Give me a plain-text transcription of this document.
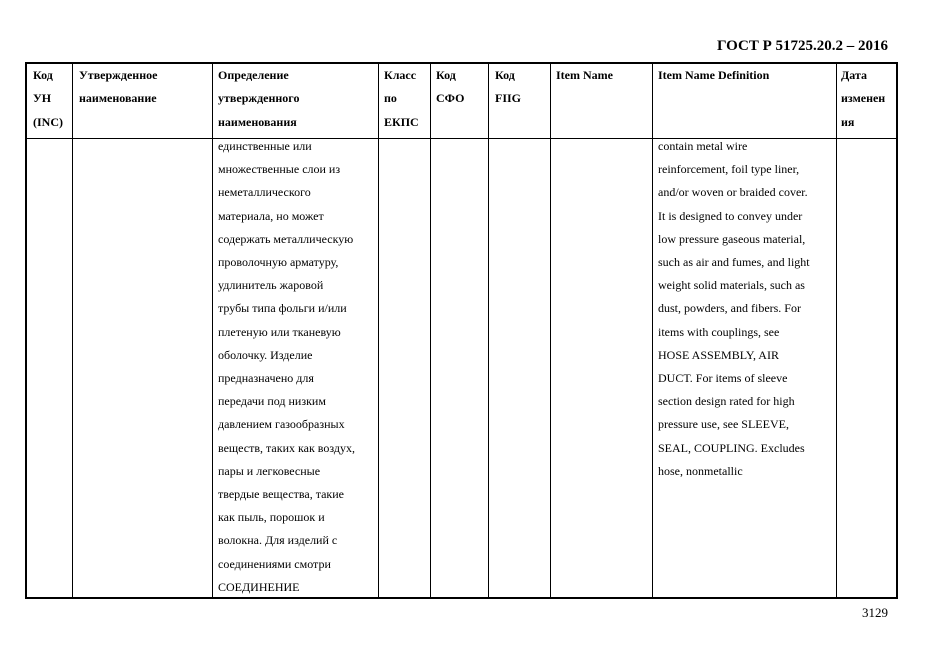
ГОСТ Р 51725.20.2 – 2016
Код
УН
(INC)
Утвержденное
наименование
Определение
утвержденного
наименования
Класс
по
ЕКПС
Код
СФО
Код
FIIG
Item Name	Item Name Definition	Дата
изменен
ия
единственные или
множественные слои из
неметаллического
материала, но может
содержать металлическую
проволочную арматуру,
удлинитель жаровой
трубы типа фольги и/или
плетеную или тканевую
оболочку. Изделие
предназначено для
передачи под низким
давлением газообразных
веществ, таких как воздух,
пары и легковесные
твердые вещества, такие
как пыль, порошок и
волокна. Для изделий с
соединениями смотри
СОЕДИНЕНИЕ
contain metal wire
reinforcement, foil type liner,
and/or woven or braided cover.
It is designed to convey under
low pressure gaseous material,
such as air and fumes, and light
weight solid materials, such as
dust, powders, and fibers. For
items with couplings, see
HOSE ASSEMBLY, AIR
DUCT. For items of sleeve
section design rated for high
pressure use, see SLEEVE,
SEAL, COUPLING. Excludes
hose, nonmetallic
3129
